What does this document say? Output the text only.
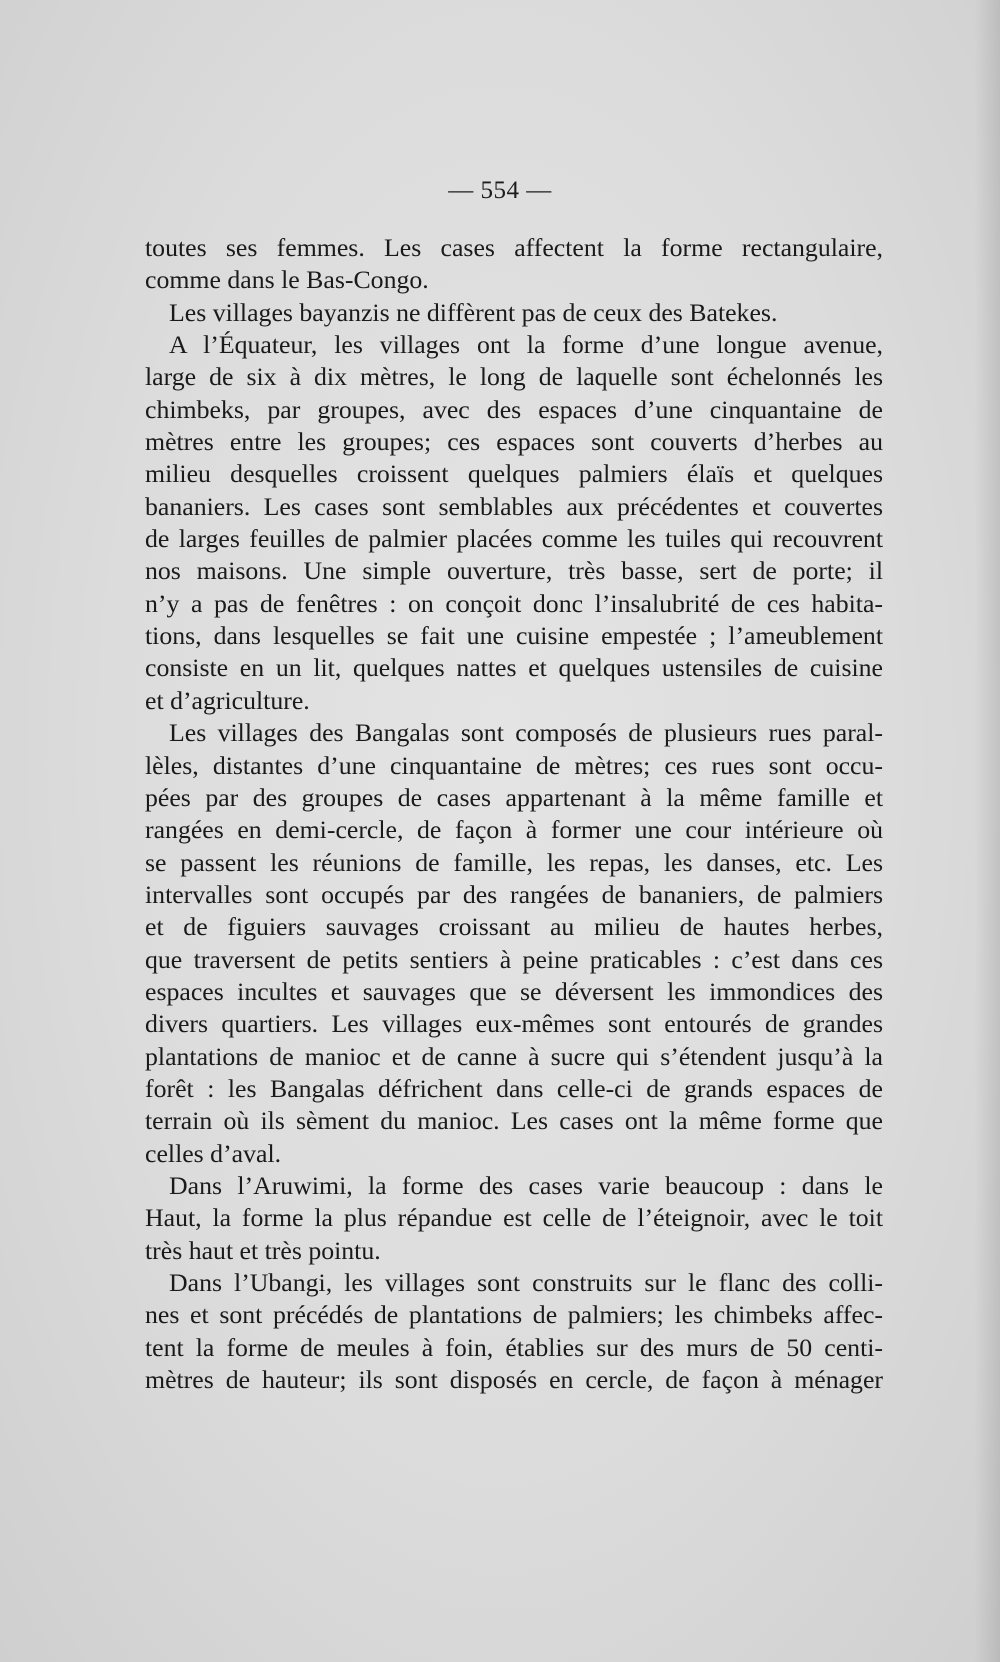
— 554 —
toutes ses femmes. Les cases affectent la forme rectangulaire,
comme dans le Bas-Congo.
Les villages bayanzis ne diffèrent pas de ceux des Batekes.
A l’Équateur, les villages ont la forme d’une longue avenue,
large de six à dix mètres, le long de laquelle sont échelonnés les
chimbeks, par groupes, avec des espaces d’une cinquantaine de
mètres entre les groupes; ces espaces sont couverts d’herbes au
milieu desquelles croissent quelques palmiers élaïs et quelques
bananiers. Les cases sont semblables aux précédentes et couvertes
de larges feuilles de palmier placées comme les tuiles qui recouvrent
nos maisons. Une simple ouverture, très basse, sert de porte; il
n’y a pas de fenêtres : on conçoit donc l’insalubrité de ces habita-
tions, dans lesquelles se fait une cuisine empestée ; l’ameublement
consiste en un lit, quelques nattes et quelques ustensiles de cuisine
et d’agriculture.
Les villages des Bangalas sont composés de plusieurs rues paral-
lèles, distantes d’une cinquantaine de mètres; ces rues sont occu-
pées par des groupes de cases appartenant à la même famille et
rangées en demi-cercle, de façon à former une cour intérieure où
se passent les réunions de famille, les repas, les danses, etc. Les
intervalles sont occupés par des rangées de bananiers, de palmiers
et de figuiers sauvages croissant au milieu de hautes herbes,
que traversent de petits sentiers à peine praticables : c’est dans ces
espaces incultes et sauvages que se déversent les immondices des
divers quartiers. Les villages eux-mêmes sont entourés de grandes
plantations de manioc et de canne à sucre qui s’étendent jusqu’à la
forêt : les Bangalas défrichent dans celle-ci de grands espaces de
terrain où ils sèment du manioc. Les cases ont la même forme que
celles d’aval.
Dans l’Aruwimi, la forme des cases varie beaucoup : dans le
Haut, la forme la plus répandue est celle de l’éteignoir, avec le toit
très haut et très pointu.
Dans l’Ubangi, les villages sont construits sur le flanc des colli-
nes et sont précédés de plantations de palmiers; les chimbeks affec-
tent la forme de meules à foin, établies sur des murs de 50 centi-
mètres de hauteur; ils sont disposés en cercle, de façon à ménager
